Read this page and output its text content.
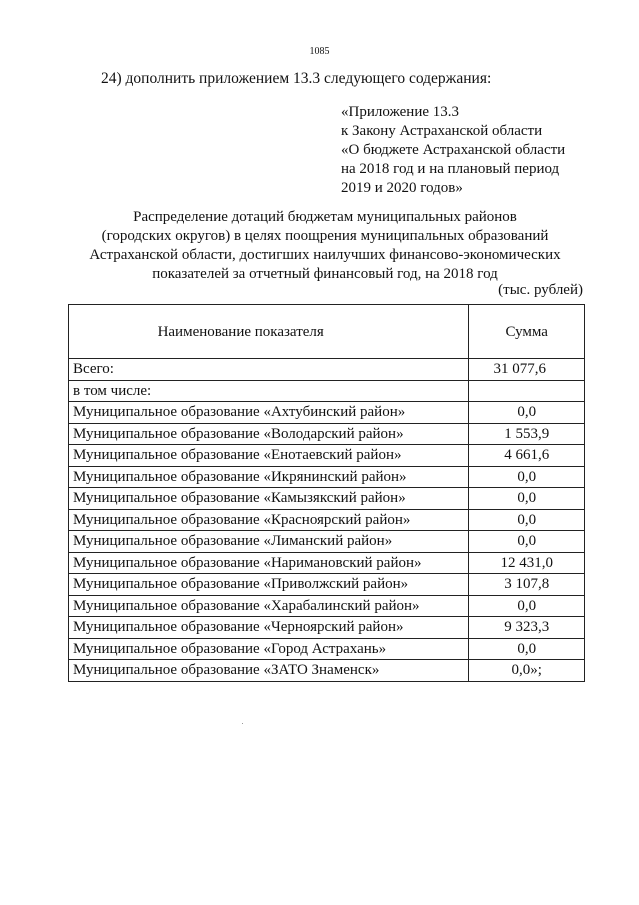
1085
24) дополнить приложением 13.3 следующего содержания:
«Приложение 13.3
к Закону Астраханской области
«О бюджете Астраханской области
на 2018 год и на плановый период
2019 и 2020 годов»
Распределение дотаций бюджетам муниципальных районов
(городских округов) в целях поощрения муниципальных образований
Астраханской области, достигших наилучших финансово-экономических
показателей за отчетный финансовый год, на 2018 год
(тыс. рублей)
Наименование показателя	Сумма
Всего:	31 077,6
в том числе:	
Муниципальное образование «Ахтубинский район»	0,0
Муниципальное образование «Володарский район»	1 553,9
Муниципальное образование «Енотаевский район»	4 661,6
Муниципальное образование «Икрянинский район»	0,0
Муниципальное образование «Камызякский район»	0,0
Муниципальное образование «Красноярский район»	0,0
Муниципальное образование «Лиманский район»	0,0
Муниципальное образование «Наримановский район»	12 431,0
Муниципальное образование «Приволжский район»	3 107,8
Муниципальное образование «Харабалинский район»	0,0
Муниципальное образование «Черноярский район»	9 323,3
Муниципальное образование «Город Астрахань»	0,0
Муниципальное образование «ЗАТО Знаменск»	0,0»;
